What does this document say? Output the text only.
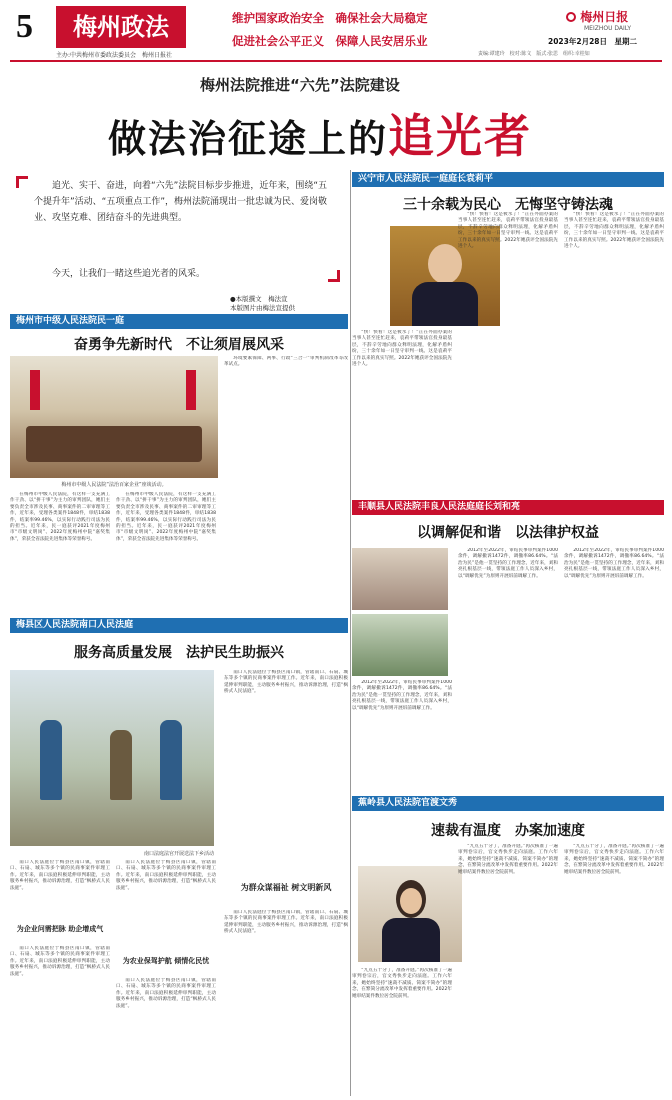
5	梅州政法
主办:中共梅州市委政法委员会　梅州日报社
维护国家政治安全　确保社会大局稳定
促进社会公平正义　保障人民安居乐业
梅州日报
MEIZHOU DAILY
2023年2月28日　星期二
责编:谭建玲　校对:陈文　版式:张思　组织:幸桂如
梅州法院推进“六先”法院建设
做法治征途上的追光者
追光、实干、奋进，向着“六先”法院目标步步推进，近年来，围绕“五个提升年”活动、“五项重点工作”，梅州法院涌现出一批忠诚为民、爱岗敬业、攻坚克难、团结奋斗的先进典型。
今天，让我们一睹这些追光者的风采。
●本版撰文　梅法宣
本版图片由梅法宣提供
梅州市中级人民法院民一庭
奋勇争先新时代　不让须眉展风采
梅州市中级人民法院“法治百家企业”座谈活动。
在梅州市中级人民法院，有这样一支充满工作干劲、以“拼干事”为主力的审判团队，她们主要负责全市涉及民事、商事案件的二审审理等工作，近年来，受理各类案件1848件，审结1838件，结案率99.46%，以实际行动践行司法为民的担当。近年来，民一庭获评2021年度梅州市“市级文明岗”、2022年度梅州中院“嘉奖集体”，荣获全省法院先进集体等荣誉称号。
在梅州市中级人民法院，有这样一支充满工作干劲、以“拼干事”为主力的审判团队，她们主要负责全市涉及民事、商事案件的二审审理等工作，近年来，受理各类案件1848件，审结1838件，结案率99.46%，以实际行动践行司法为民的担当。近年来，民一庭获评2021年度梅州市“市级文明岗”、2022年度梅州中院“嘉奖集体”，荣获全省法院先进集体等荣誉称号。
环境要素保障、两事、行政“三合一”审判机制改革等改革试点。
兴宁市人民法院民一庭庭长袁莉平
三十余载为民心　无悔坚守铸法魂
“快！快看！这是被水了！”正在外面办案的当事人甚至连忙赶来，袁莉平带领法官投身最基层，不辞辛劳地向群众释明法理，化解矛盾纠纷，三十余年如一日坚守审判一线。这是袁莉平工作以来的真实写照。2022年她获评全国法院先进个人。
“快！快看！这是被水了！”正在外面办案的当事人甚至连忙赶来，袁莉平带领法官投身最基层，不辞辛劳地向群众释明法理，化解矛盾纠纷，三十余年如一日坚守审判一线。这是袁莉平工作以来的真实写照。2022年她获评全国法院先进个人。
“快！快看！这是被水了！”正在外面办案的当事人甚至连忙赶来，袁莉平带领法官投身最基层，不辞辛劳地向群众释明法理，化解矛盾纠纷，三十余年如一日坚守审判一线。这是袁莉平工作以来的真实写照。2022年她获评全国法院先进个人。
丰顺县人民法院丰良人民法庭庭长刘和亮
以调解促和谐　以法律护权益
2012年至2022年，审结民事审判案件1000余件，调解撤诉1472件，调撤率86.64%。“法治为民”是他一贯坚持的工作理念，近年来，刘和亮扎根基层一线，带领法庭工作人员深入乡村，以“调解优先”为原则开展诉前调解工作。
2012年至2022年，审结民事审判案件1000余件，调解撤诉1472件，调撤率86.64%。“法治为民”是他一贯坚持的工作理念，近年来，刘和亮扎根基层一线，带领法庭工作人员深入乡村，以“调解优先”为原则开展诉前调解工作。
2012年至2022年，审结民事审判案件1000余件，调解撤诉1472件，调撤率86.64%。“法治为民”是他一贯坚持的工作理念，近年来，刘和亮扎根基层一线，带领法庭工作人员深入乡村，以“调解优先”为原则开展诉前调解工作。
梅县区人民法院南口人民法庭
服务高质量发展　法护民生助振兴
南口法庭法官开展送法下乡活动
南口人民法庭位于梅县区南口镇，管辖南口、石扇、城东等多个镇的民商事案件审理工作。近年来，南口法庭积极延伸审判职能，主动服务乡村振兴，推动诉源治理，打造“枫桥式人民法庭”。
为企业问需把脉 助企增成气
南口人民法庭位于梅县区南口镇，管辖南口、石扇、城东等多个镇的民商事案件审理工作。近年来，南口法庭积极延伸审判职能，主动服务乡村振兴，推动诉源治理，打造“枫桥式人民法庭”。
南口人民法庭位于梅县区南口镇，管辖南口、石扇、城东等多个镇的民商事案件审理工作。近年来，南口法庭积极延伸审判职能，主动服务乡村振兴，推动诉源治理，打造“枫桥式人民法庭”。
为农业保驾护航 倾情化民忧
南口人民法庭位于梅县区南口镇，管辖南口、石扇、城东等多个镇的民商事案件审理工作。近年来，南口法庭积极延伸审判职能，主动服务乡村振兴，推动诉源治理，打造“枫桥式人民法庭”。
南口人民法庭位于梅县区南口镇，管辖南口、石扇、城东等多个镇的民商事案件审理工作。近年来，南口法庭积极延伸审判职能，主动服务乡村振兴，推动诉源治理，打造“枫桥式人民法庭”。
为群众谋福祉 树文明新风
南口人民法庭位于梅县区南口镇，管辖南口、石扇、城东等多个镇的民商事案件审理工作。近年来，南口法庭积极延伸审判职能，主动服务乡村振兴，推动诉源治理，打造“枫桥式人民法庭”。
蕉岭县人民法院官渡文秀
速裁有温度　办案加速度
“九点五十分了，准备开庭。”再次核准了一遍审判卷宗后，官文秀快步走向法庭。工作六年来，她始终坚持“速裁不减质、简案不简办”的理念，在繁简分流改革中发挥着重要作用。2022年她审结案件数位居全院前列。
“九点五十分了，准备开庭。”再次核准了一遍审判卷宗后，官文秀快步走向法庭。工作六年来，她始终坚持“速裁不减质、简案不简办”的理念，在繁简分流改革中发挥着重要作用。2022年她审结案件数位居全院前列。
“九点五十分了，准备开庭。”再次核准了一遍审判卷宗后，官文秀快步走向法庭。工作六年来，她始终坚持“速裁不减质、简案不简办”的理念，在繁简分流改革中发挥着重要作用。2022年她审结案件数位居全院前列。
